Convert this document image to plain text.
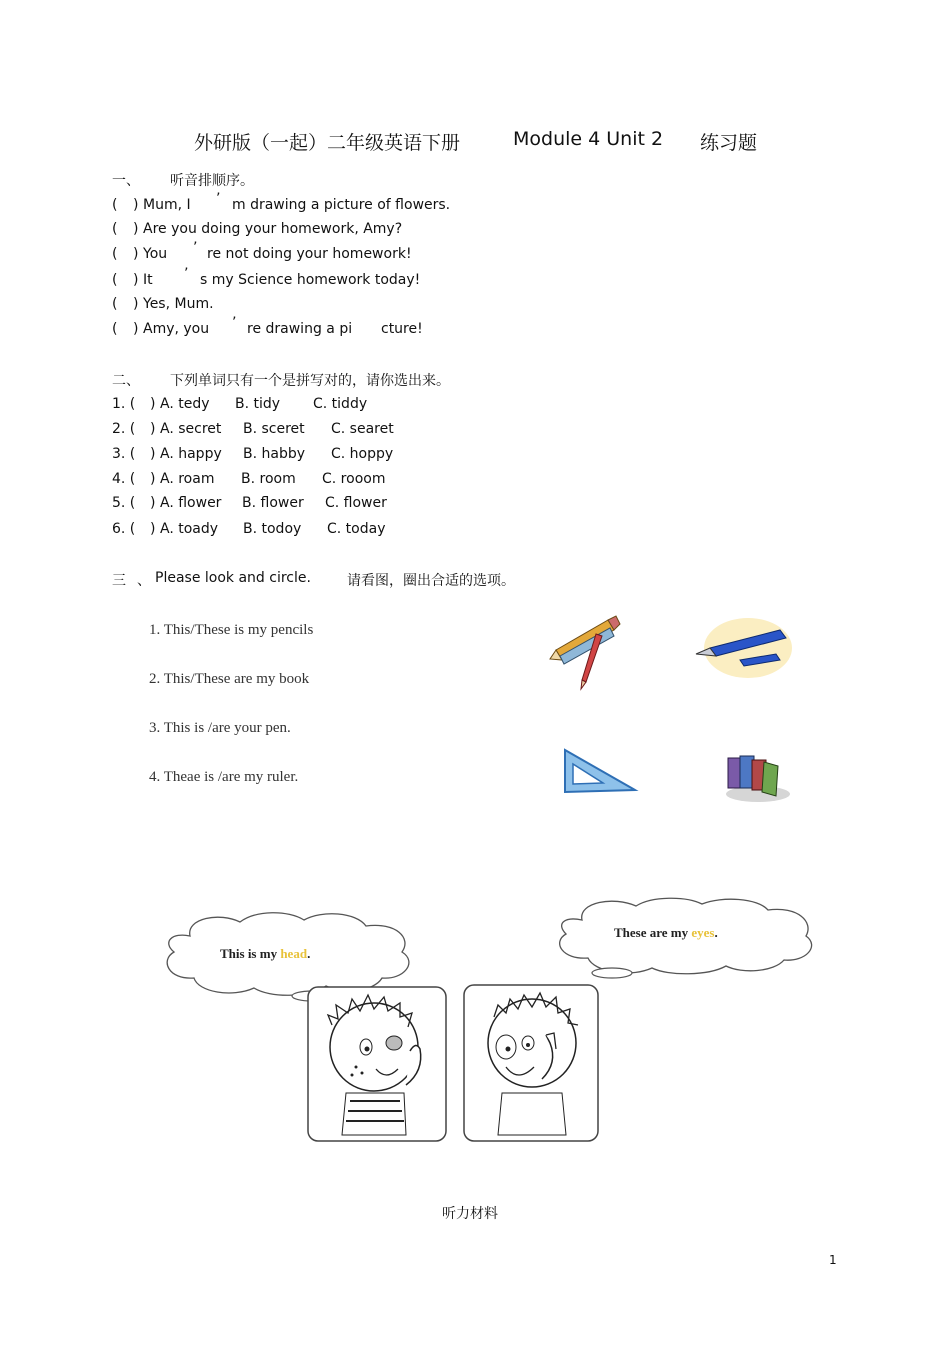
外研版（一起）二年级英语下册	Module 4 Unit 2 练习题
一、 听音排顺序。
( ) Mum, I ’ m drawing a picture of flowers.
( ) Are you doing your homework, Amy?
( ) You ’ re not doing your homework!
( ) It ’ s my Science homework today!
( ) Yes, Mum.
( ) Amy, you ’ re drawing a pi cture!
二、 下列单词只有一个是拼写对的，请你选出来。
1. ( ) A. tedy B. tidy C. tiddy
2. ( ) A. secret B. sceret C. searet
3. ( ) A. happy B. habby C. hoppy
4. ( ) A. roam B. room C. rooom
5. ( ) A. flower B. flower C. flower
6. ( ) A. toady B. todoy C. today
三 、 Please look and circle.	请看图，圈出合适的选项。
1. This/These is my pencils
2. This/These are my book
3. This is /are your pen.
4. Theae is /are my ruler.
This is my head.
These are my eyes.
听力材料
1
